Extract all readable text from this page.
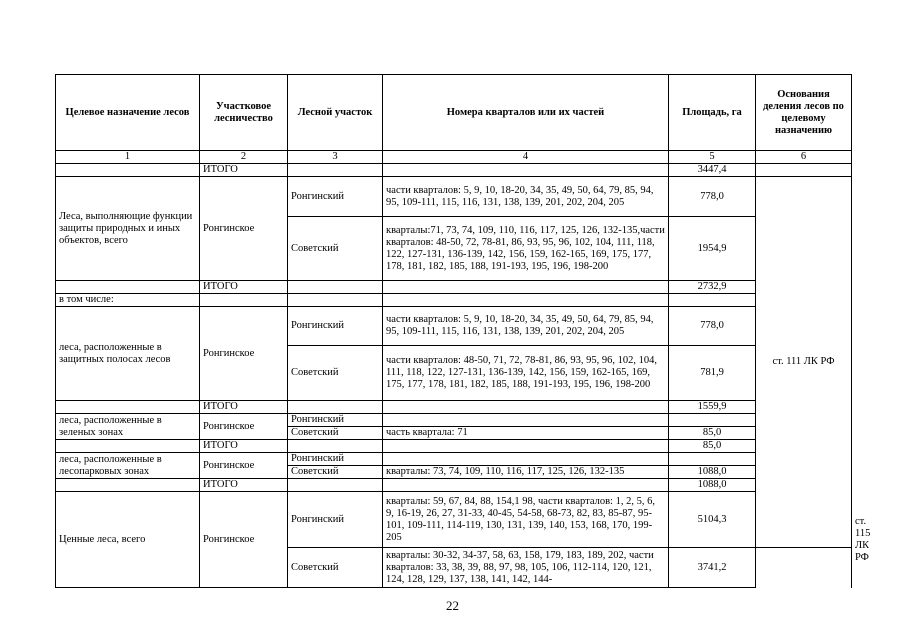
Целевое назначение лесов	Участковое лесничество	Лесной участок	Номера кварталов или их частей	Площадь, га	Основания деления лесов по целевому назначению	
1	2	3	4	5	6	
	ИТОГО			3447,4		
Леса, выполняющие функции защиты природных и иных объектов, всего	Ронгинское	Ронгинский	части кварталов: 5, 9, 10, 18-20, 34, 35, 49, 50, 64, 79, 85, 94, 95, 109-111, 115, 116, 131, 138, 139, 201, 202, 204, 205	778,0	ст. 111 ЛК РФ	
		Советский	кварталы:71, 73, 74, 109, 110, 116, 117, 125, 126, 132-135,части кварталов: 48-50, 72, 78-81, 86, 93, 95, 96, 102, 104, 111, 118, 122, 127-131, 136-139, 142, 156, 159, 162-165, 169, 175, 177, 178, 181, 182, 185, 188, 191-193, 195, 196, 198-200	1954,9		
	ИТОГО			2732,9		
в том числе:						
леса, расположенные в защитных полосах лесов	Ронгинское	Ронгинский	части кварталов: 5, 9, 10, 18-20, 34, 35, 49, 50, 64, 79, 85, 94, 95, 109-111, 115, 116, 131, 138, 139, 201, 202, 204, 205	778,0		
		Советский	части кварталов: 48-50, 71, 72, 78-81, 86, 93, 95, 96, 102, 104, 111, 118, 122, 127-131, 136-139, 142, 156, 159, 162-165, 169, 175, 177, 178, 181, 182, 185, 188, 191-193, 195, 196, 198-200	781,9		
	ИТОГО			1559,9		
леса, расположенные в зеленых зонах	Ронгинское	Ронгинский				
		Советский	часть квартала: 71	85,0		
	ИТОГО			85,0		
леса, расположенные в лесопарковых зонах	Ронгинское	Ронгинский				
		Советский	кварталы: 73, 74, 109, 110, 116, 117, 125, 126, 132-135	1088,0		
	ИТОГО			1088,0		
Ценные леса, всего	Ронгинское	Ронгинский	кварталы: 59, 67, 84, 88, 154,1 98, части кварталов: 1, 2, 5, 6, 9, 16-19, 26, 27, 31-33, 40-45, 54-58, 68-73, 82, 83, 85-87, 95-101, 109-111, 114-119, 130, 131, 139, 140, 153, 168, 170, 199-205	5104,3		ст. 115 ЛК РФ
		Советский	кварталы: 30-32, 34-37, 58, 63, 158, 179, 183, 189, 202, части кварталов: 33, 38, 39, 88, 97, 98, 105, 106, 112-114, 120, 121, 124, 128, 129, 137, 138, 141, 142, 144-	3741,2		
22
